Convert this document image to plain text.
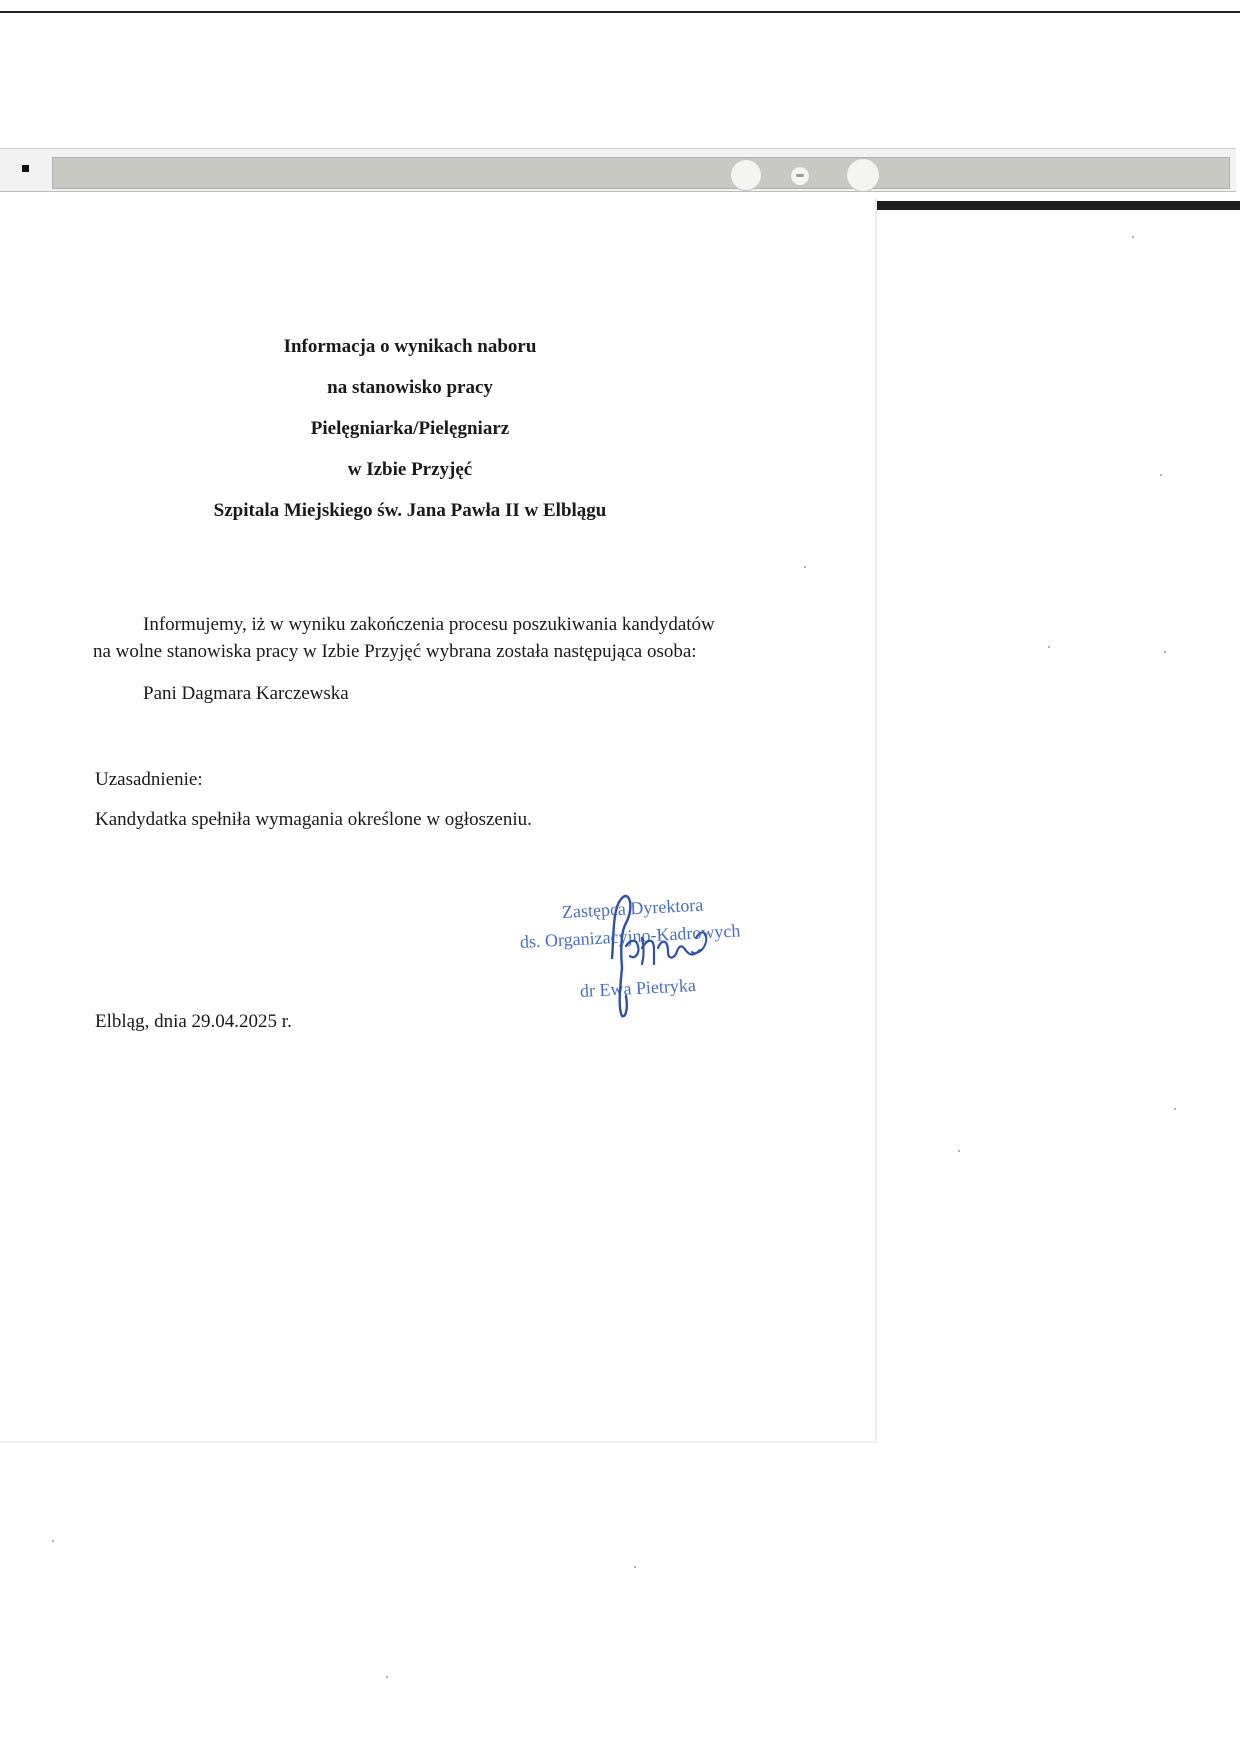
Informacja o wynikach naboru
na stanowisko pracy
Pielęgniarka/Pielęgniarz
w Izbie Przyjęć
Szpitala Miejskiego św. Jana Pawła II w Elblągu
Informujemy, iż w wyniku zakończenia procesu poszukiwania kandydatów
na wolne stanowiska pracy w Izbie Przyjęć wybrana została następująca osoba:
Pani Dagmara Karczewska
Uzasadnienie:
Kandydatka spełniła wymagania określone w ogłoszeniu.
Zastępca Dyrektora
ds. Organizacyjno-Kadrowych
dr Ewa Pietryka
Elbląg, dnia 29.04.2025 r.
